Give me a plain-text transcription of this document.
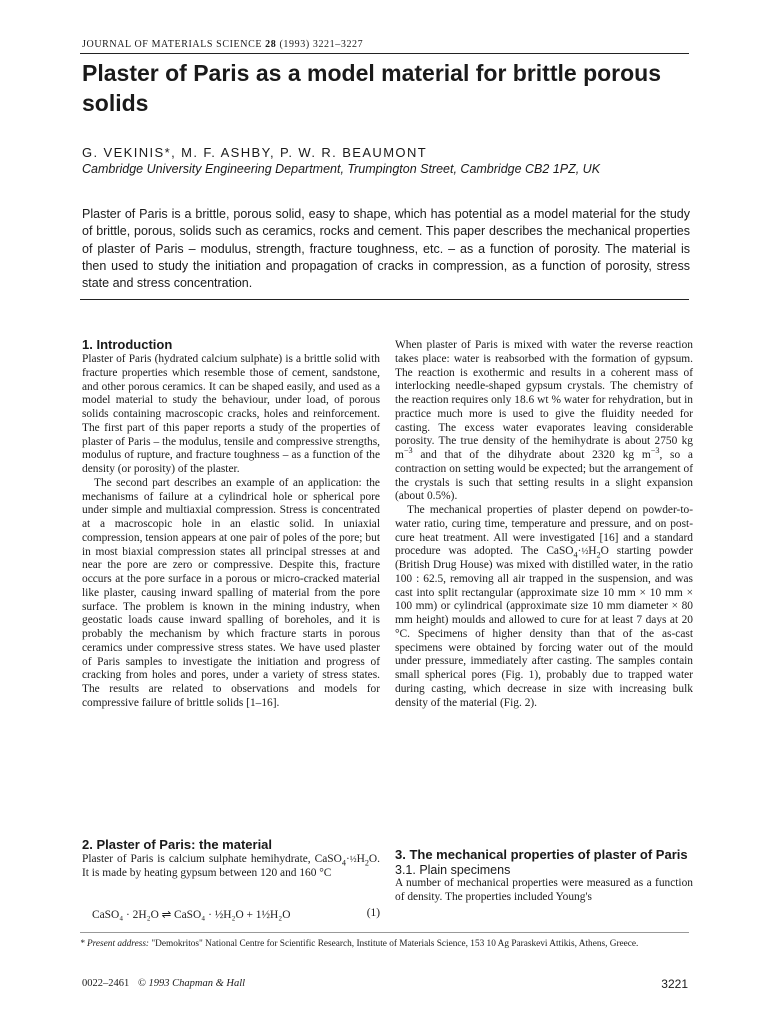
JOURNAL OF MATERIALS SCIENCE 28 (1993) 3221–3227
Plaster of Paris as a model material for brittle porous solids
G. VEKINIS*, M. F. ASHBY, P. W. R. BEAUMONT
Cambridge University Engineering Department, Trumpington Street, Cambridge CB2 1PZ, UK
Plaster of Paris is a brittle, porous solid, easy to shape, which has potential as a model material for the study of brittle, porous, solids such as ceramics, rocks and cement. This paper describes the mechanical properties of plaster of Paris – modulus, strength, fracture toughness, etc. – as a function of porosity. The material is then used to study the initiation and propagation of cracks in compression, as a function of porosity, stress state and stress concentration.
1. Introduction

Plaster of Paris (hydrated calcium sulphate) is a brittle solid with fracture properties which resemble those of cement, sandstone, and other porous ceramics. It can be shaped easily, and used as a model material to study the behaviour, under load, of porous solids containing macroscopic cracks, holes and reinforcement. The first part of this paper reports a study of the properties of plaster of Paris – the modulus, tensile and compressive strengths, modulus of rupture, and fracture toughness – as a function of the density (or porosity) of the plaster.

The second part describes an example of an application: the mechanisms of failure at a cylindrical hole or spherical pore under simple and multiaxial compression. Stress is concentrated at a macroscopic hole in an elastic solid. In uniaxial compression, tension appears at one pair of poles of the pore; but in most biaxial compression states all principal stresses at and near the pore are zero or compressive. Despite this, fracture occurs at the pore surface in a porous or micro-cracked material like plaster, causing inward spalling of material from the pore surface. The problem is known in the mining industry, when geostatic loads cause inward spalling of boreholes, and it is probably the mechanism by which fracture starts in porous ceramics under compressive stress states. We have used plaster of Paris samples to investigate the initiation and progress of cracking from holes and pores, under a variety of stress states. The results are related to observations and models for compressive failure of brittle solids [1–16].

When plaster of Paris is mixed with water the reverse reaction takes place: water is reabsorbed with the formation of gypsum. The reaction is exothermic and results in a coherent mass of interlocking needle-shaped gypsum crystals. The chemistry of the reaction requires only 18.6 wt % water for rehydration, but in practice much more is used to give the fluidity needed for casting. The excess water evaporates leaving considerable porosity. The true density of the hemihydrate is about 2750 kg $m^{-3}$ and that of the dihydrate about 2320 kg $m^{-3}$, so a contraction on setting would be expected; but the arrangement of the crystals is such that setting results in a slight expansion (about 0.5%).

The mechanical properties of plaster depend on powder-to-water ratio, curing time, temperature and pressure, and on post-cure heat treatment. All were investigated [16] and a standard procedure was adopted. The $CaSO_4\cdot\frac{1}{2}H_2O$ starting powder (British Drug House) was mixed with distilled water, in the ratio 100 : 62.5, removing all air trapped in the suspension, and was cast into split rectangular (approximate size 10 mm × 10 mm × 100 mm) or cylindrical (approximate size 10 mm diameter × 80 mm height) moulds and allowed to cure for at least 7 days at 20 °C. Specimens of higher density than that of the as-cast specimens were obtained by forcing water out of the mould under pressure, immediately after casting. The samples contain small spherical pores (Fig. 1), probably due to trapped water during casting, which decrease in size with increasing bulk density of the material (Fig. 2).

2. Plaster of Paris: the material

Plaster of Paris is calcium sulphate hemihydrate, $CaSO_4\cdot\frac{1}{2}H_2O$. It is made by heating gypsum between 120 and 160 °C

CaSO₄ · 2H₂O ⇌ CaSO₄ · ½H₂O + 1½H₂O	(1)
3. The mechanical properties of plaster of Paris
3.1. Plain specimens

A number of mechanical properties were measured as a function of density. The properties included Young's

* Present address: "Demokritos" National Centre for Scientific Research, Institute of Materials Science, 153 10 Ag Paraskevi Attikis, Athens, Greece.
0022–2461 © 1993 Chapman & Hall	3221
